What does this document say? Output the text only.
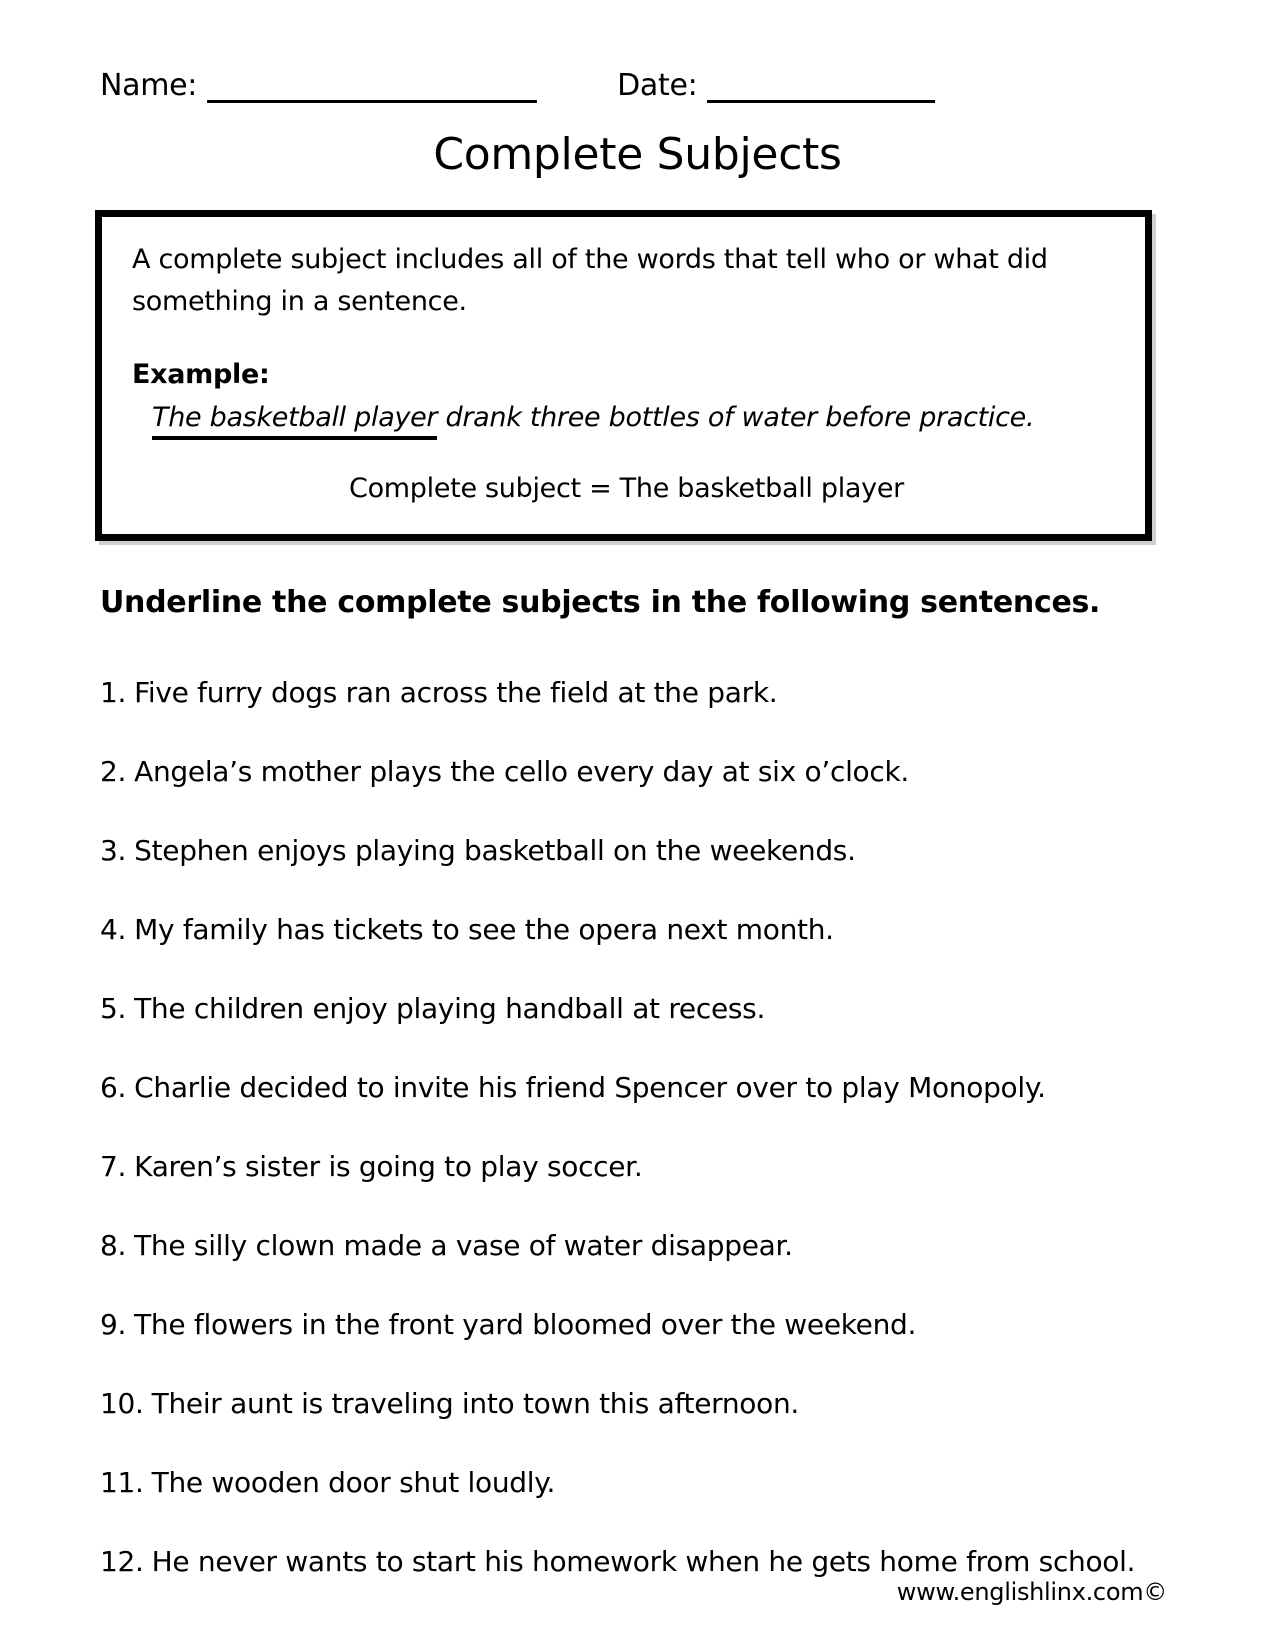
Name:	Date:
Complete Subjects
A complete subject includes all of the words that tell who or what did something in a sentence.
Example:
The basketball player drank three bottles of water before practice.
Complete subject = The basketball player
Underline the complete subjects in the following sentences.
1. Five furry dogs ran across the field at the park.
2. Angela’s mother plays the cello every day at six o’clock.
3. Stephen enjoys playing basketball on the weekends.
4. My family has tickets to see the opera next month.
5. The children enjoy playing handball at recess.
6. Charlie decided to invite his friend Spencer over to play Monopoly.
7. Karen’s sister is going to play soccer.
8. The silly clown made a vase of water disappear.
9. The flowers in the front yard bloomed over the weekend.
10. Their aunt is traveling into town this afternoon.
11. The wooden door shut loudly.
12. He never wants to start his homework when he gets home from school.
www.englishlinx.com©
